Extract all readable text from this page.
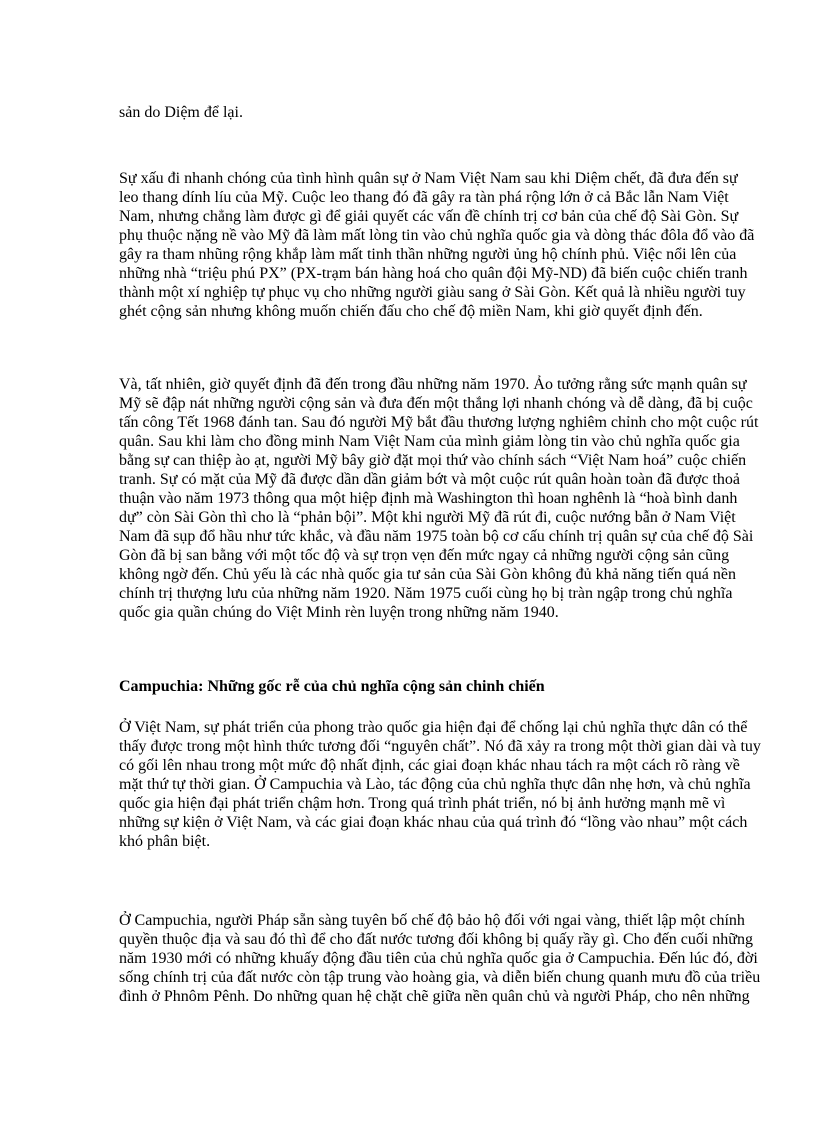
sản do Diệm để lại.

Sự xấu đi nhanh chóng của tình hình quân sự ở Nam Việt Nam sau khi Diệm chết, đã đưa đến sự
leo thang dính líu của Mỹ. Cuộc leo thang đó đã gây ra tàn phá rộng lớn ở cả Bắc lẫn Nam Việt
Nam, nhưng chẳng làm được gì để giải quyết các vấn đề chính trị cơ bản của chế độ Sài Gòn. Sự
phụ thuộc nặng nề vào Mỹ đã làm mất lòng tin vào chủ nghĩa quốc gia và dòng thác đôla đổ vào đã
gây ra tham nhũng rộng khắp làm mất tinh thần những người ủng hộ chính phủ. Việc nổi lên của
những nhà “triệu phú PX” (PX-trạm bán hàng hoá cho quân đội Mỹ-ND) đã biến cuộc chiến tranh
thành một xí nghiệp tự phục vụ cho những người giàu sang ở Sài Gòn. Kết quả là nhiều người tuy
ghét cộng sản nhưng không muốn chiến đấu cho chế độ miền Nam, khi giờ quyết định đến.

Và, tất nhiên, giờ quyết định đã đến trong đầu những năm 1970. Ảo tưởng rằng sức mạnh quân sự
Mỹ sẽ đập nát những người cộng sản và đưa đến một thắng lợi nhanh chóng và dễ dàng, đã bị cuộc
tấn công Tết 1968 đánh tan. Sau đó người Mỹ bắt đầu thương lượng nghiêm chỉnh cho một cuộc rút
quân. Sau khi làm cho đồng minh Nam Việt Nam của mình giảm lòng tin vào chủ nghĩa quốc gia
bằng sự can thiệp ào ạt, người Mỹ bây giờ đặt mọi thứ vào chính sách “Việt Nam hoá” cuộc chiến
tranh. Sự có mặt của Mỹ đã được dần dần giảm bớt và một cuộc rút quân hoàn toàn đã được thoả
thuận vào năm 1973 thông qua một hiệp định mà Washington thì hoan nghênh là “hoà bình danh
dự” còn Sài Gòn thì cho là “phản bội”. Một khi người Mỹ đã rút đi, cuộc nướng bẫn ở Nam Việt
Nam đã sụp đổ hầu như tức khắc, và đầu năm 1975 toàn bộ cơ cấu chính trị quân sự của chế độ Sài
Gòn đã bị san bằng với một tốc độ và sự trọn vẹn đến mức ngay cả những người cộng sản cũng
không ngờ đến. Chủ yếu là các nhà quốc gia tư sản của Sài Gòn không đủ khả năng tiến quá nền
chính trị thượng lưu của những năm 1920. Năm 1975 cuối cùng họ bị tràn ngập trong chủ nghĩa
quốc gia quần chúng do Việt Minh rèn luyện trong những năm 1940.

Campuchia: Những gốc rễ của chủ nghĩa cộng sản chinh chiến

Ở Việt Nam, sự phát triển của phong trào quốc gia hiện đại để chống lại chủ nghĩa thực dân có thể
thấy được trong một hình thức tương đối “nguyên chất”. Nó đã xảy ra trong một thời gian dài và tuy
có gối lên nhau trong một mức độ nhất định, các giai đoạn khác nhau tách ra một cách rõ ràng về
mặt thứ tự thời gian. Ở Campuchia và Lào, tác động của chủ nghĩa thực dân nhẹ hơn, và chủ nghĩa
quốc gia hiện đại phát triển chậm hơn. Trong quá trình phát triển, nó bị ảnh hưởng mạnh mẽ vì
những sự kiện ở Việt Nam, và các giai đoạn khác nhau của quá trình đó “lồng vào nhau” một cách
khó phân biệt.

Ở Campuchia, người Pháp sẵn sàng tuyên bố chế độ bảo hộ đối với ngai vàng, thiết lập một chính
quyền thuộc địa và sau đó thì để cho đất nước tương đối không bị quấy rầy gì. Cho đến cuối những
năm 1930 mới có những khuấy động đầu tiên của chủ nghĩa quốc gia ở Campuchia. Đến lúc đó, đời
sống chính trị của đất nước còn tập trung vào hoàng gia, và diễn biến chung quanh mưu đồ của triều
đình ở Phnôm Pênh. Do những quan hệ chặt chẽ giữa nền quân chủ và người Pháp, cho nên những
